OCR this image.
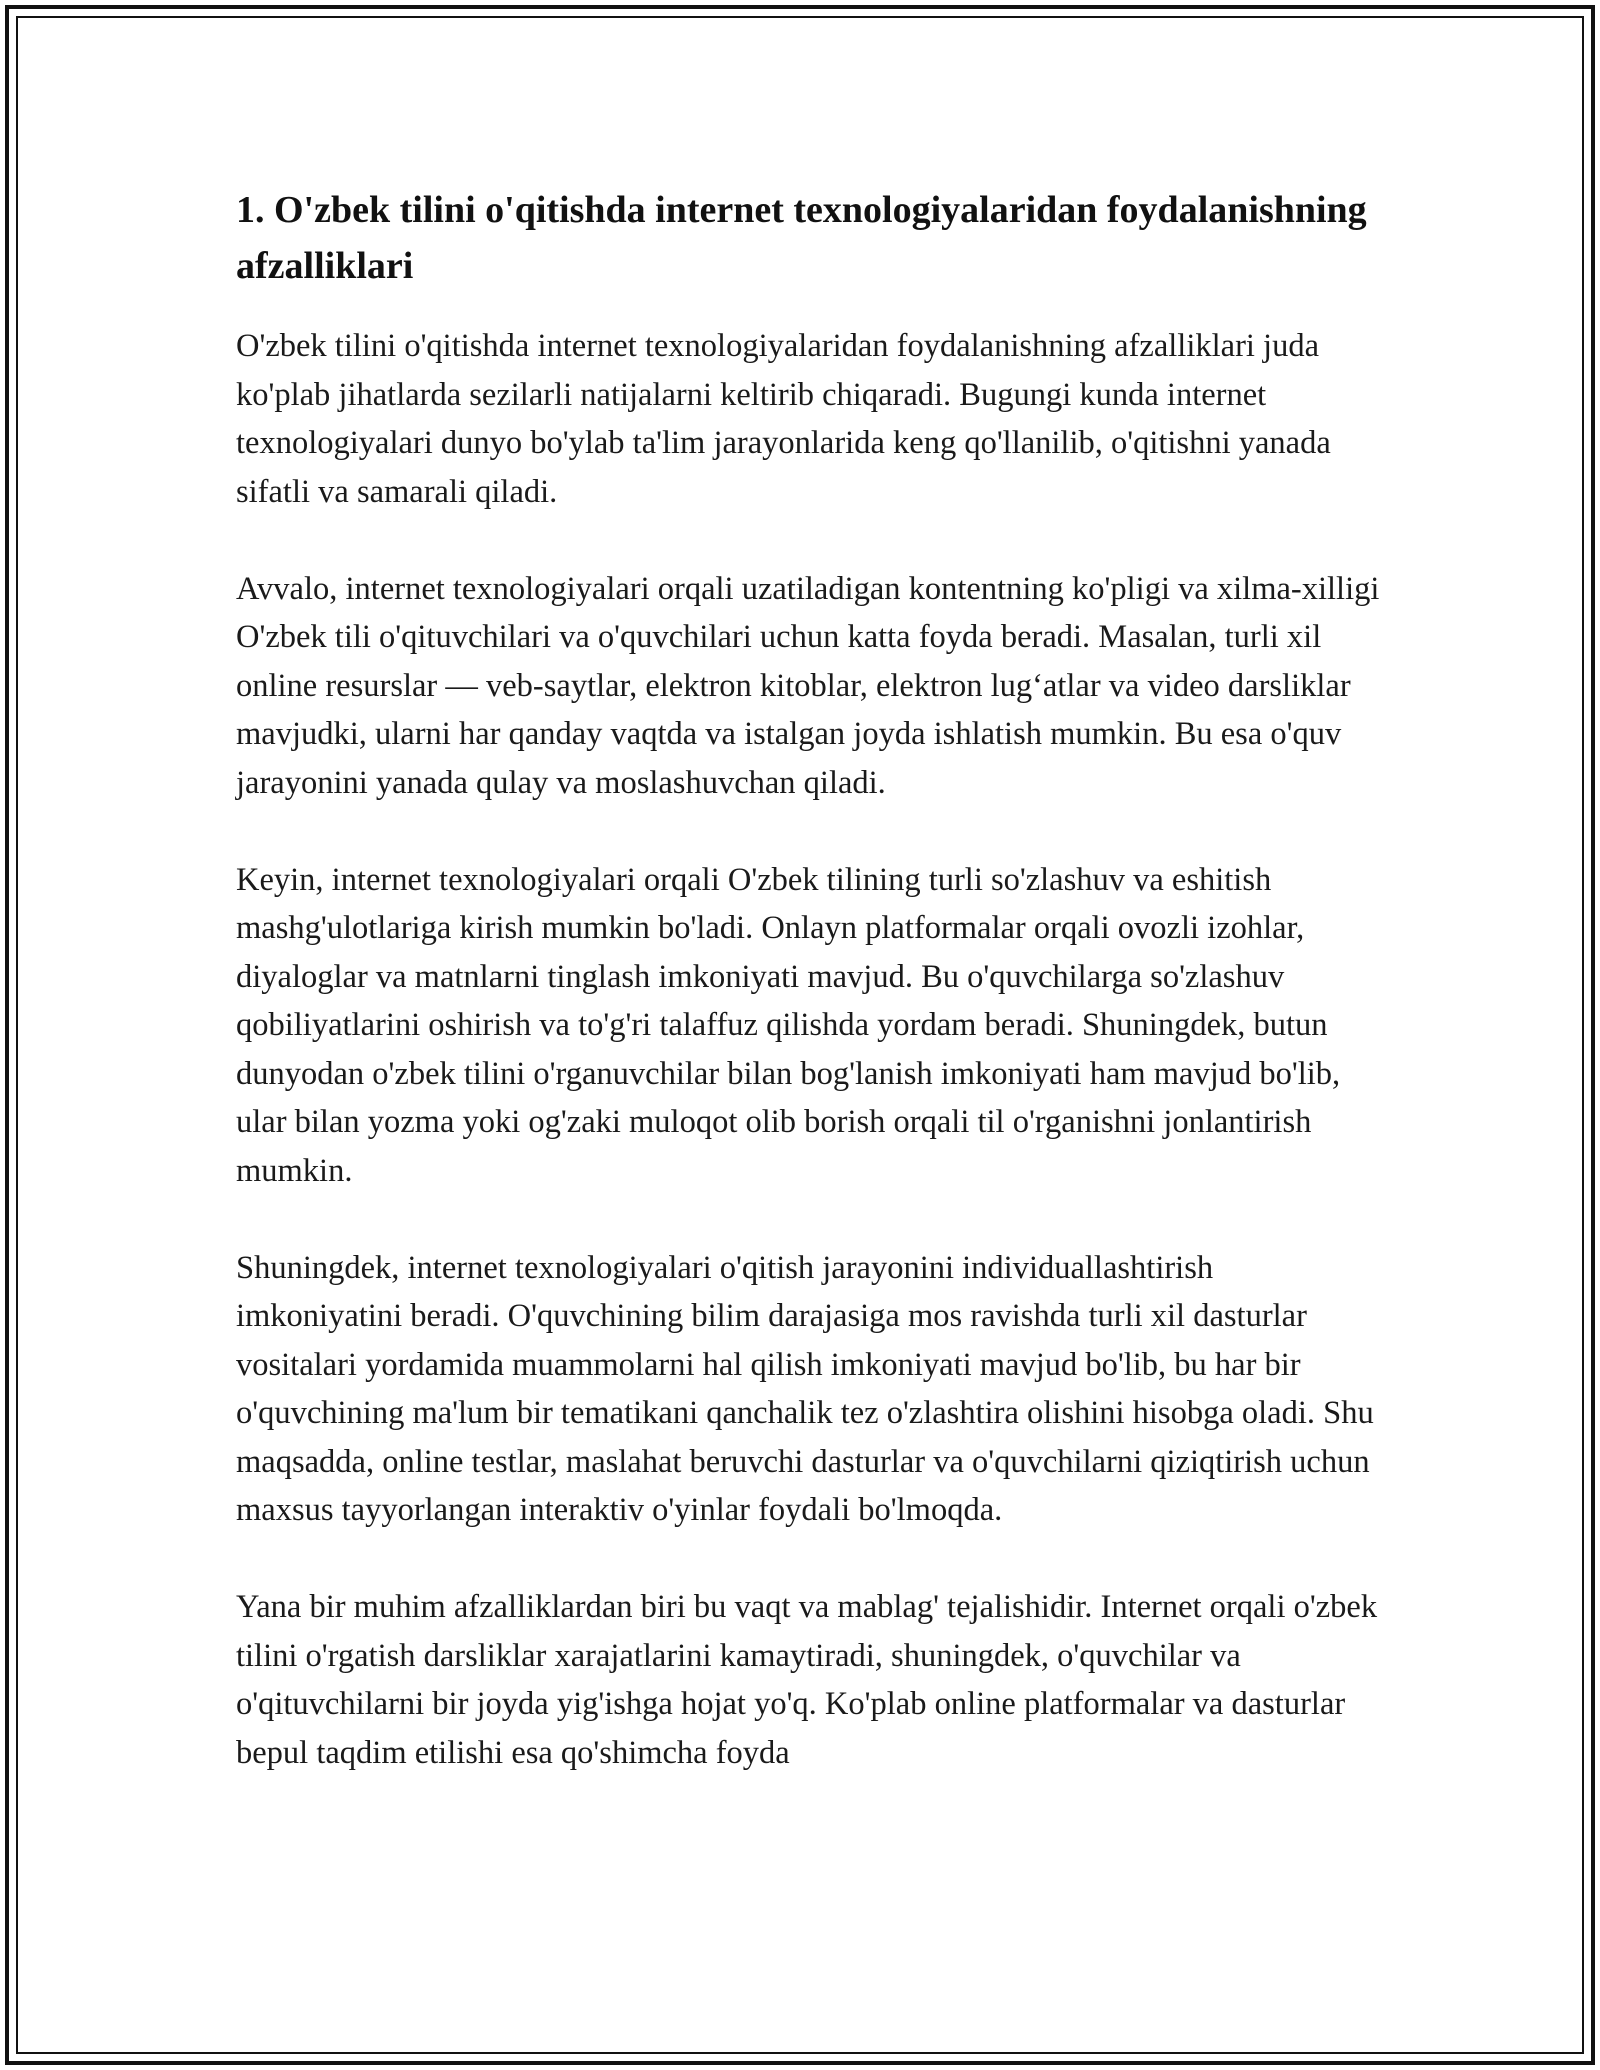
1. O'zbek tilini o'qitishda internet texnologiyalaridan foydalanishning afzalliklari

O'zbek tilini o'qitishda internet texnologiyalaridan foydalanishning afzalliklari juda ko'plab jihatlarda sezilarli natijalarni keltirib chiqaradi. Bugungi kunda internet texnologiyalari dunyo bo'ylab ta'lim jarayonlarida keng qo'llanilib, o'qitishni yanada sifatli va samarali qiladi.

Avvalo, internet texnologiyalari orqali uzatiladigan kontentning ko'pligi va xilma-xilligi O'zbek tili o'qituvchilari va o'quvchilari uchun katta foyda beradi. Masalan, turli xil online resurslar — veb-saytlar, elektron kitoblar, elektron lug‘atlar va video darsliklar mavjudki, ularni har qanday vaqtda va istalgan joyda ishlatish mumkin. Bu esa o'quv jarayonini yanada qulay va moslashuvchan qiladi.

Keyin, internet texnologiyalari orqali O'zbek tilining turli so'zlashuv va eshitish mashg'ulotlariga kirish mumkin bo'ladi. Onlayn platformalar orqali ovozli izohlar, diyaloglar va matnlarni tinglash imkoniyati mavjud. Bu o'quvchilarga so'zlashuv qobiliyatlarini oshirish va to'g'ri talaffuz qilishda yordam beradi. Shuningdek, butun dunyodan o'zbek tilini o'rganuvchilar bilan bog'lanish imkoniyati ham mavjud bo'lib, ular bilan yozma yoki og'zaki muloqot olib borish orqali til o'rganishni jonlantirish mumkin.

Shuningdek, internet texnologiyalari o'qitish jarayonini individuallashtirish imkoniyatini beradi. O'quvchining bilim darajasiga mos ravishda turli xil dasturlar vositalari yordamida muammolarni hal qilish imkoniyati mavjud bo'lib, bu har bir o'quvchining ma'lum bir tematikani qanchalik tez o'zlashtira olishini hisobga oladi. Shu maqsadda, online testlar, maslahat beruvchi dasturlar va o'quvchilarni qiziqtirish uchun maxsus tayyorlangan interaktiv o'yinlar foydali bo'lmoqda.

Yana bir muhim afzalliklardan biri bu vaqt va mablag' tejalishidir. Internet orqali o'zbek tilini o'rgatish darsliklar xarajatlarini kamaytiradi, shuningdek, o'quvchilar va o'qituvchilarni bir joyda yig'ishga hojat yo'q. Ko'plab online platformalar va dasturlar bepul taqdim etilishi esa qo'shimcha foyda
